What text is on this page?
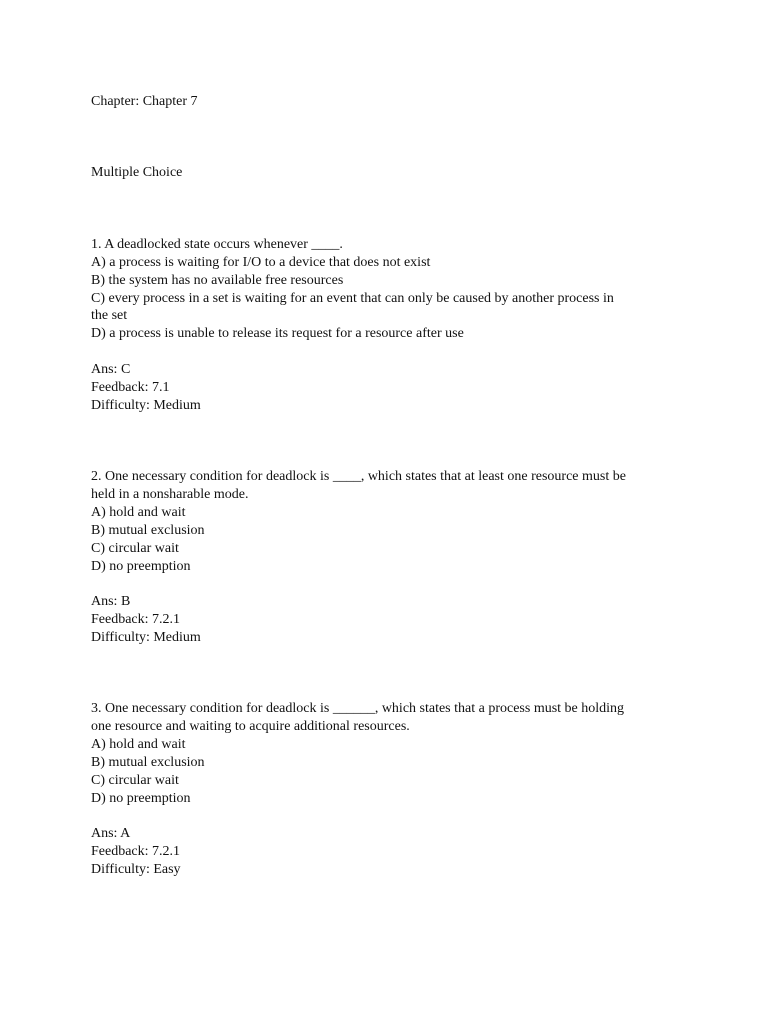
Chapter: Chapter 7

Multiple Choice

1. A deadlocked state occurs whenever ____.

A) a process is waiting for I/O to a device that does not exist

B) the system has no available free resources

C) every process in a set is waiting for an event that can only be caused by another process in

the set

D) a process is unable to release its request for a resource after use

Ans: C

Feedback: 7.1

Difficulty: Medium

2. One necessary condition for deadlock is ____, which states that at least one resource must be

held in a nonsharable mode.

A) hold and wait

B) mutual exclusion

C) circular wait

D) no preemption

Ans: B

Feedback: 7.2.1

Difficulty: Medium

3. One necessary condition for deadlock is ______, which states that a process must be holding

one resource and waiting to acquire additional resources.

A) hold and wait

B) mutual exclusion

C) circular wait

D) no preemption

Ans: A

Feedback: 7.2.1

Difficulty: Easy
